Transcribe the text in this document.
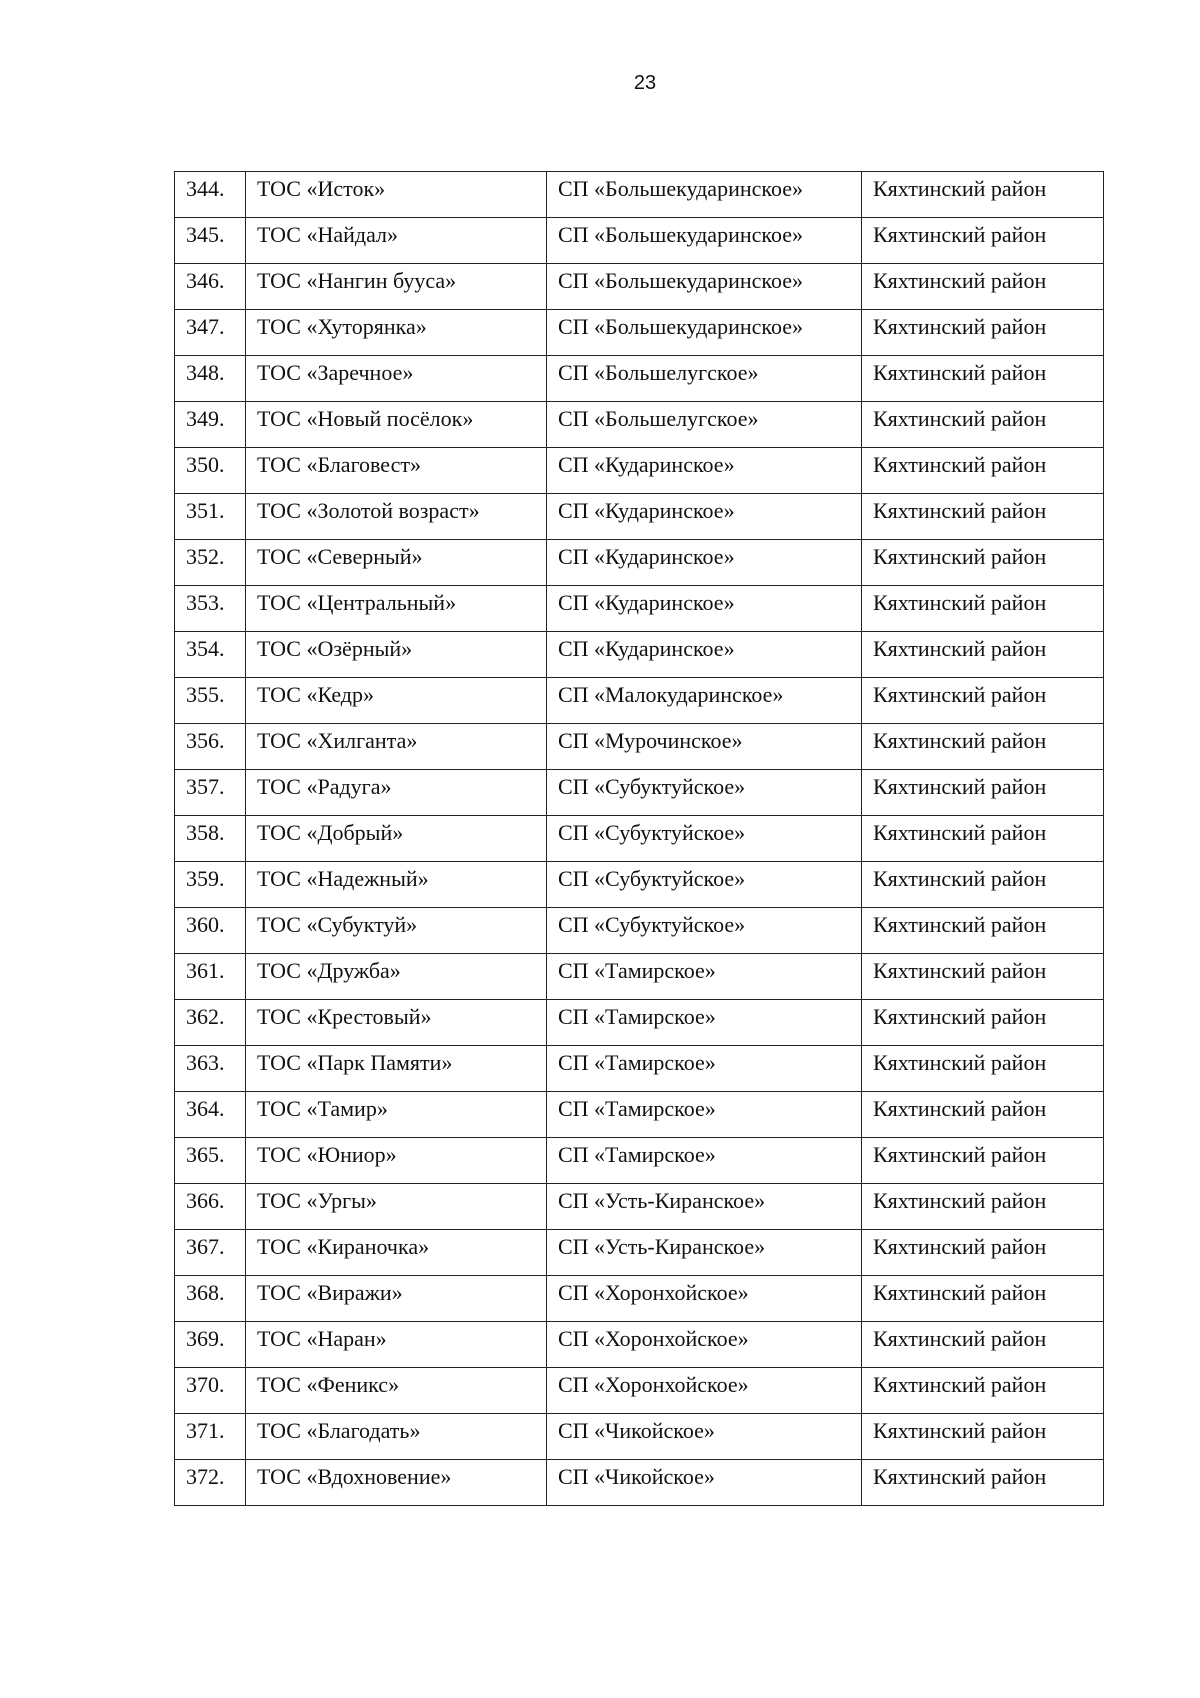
23
344.	ТОС «Исток»	СП «Большекударинское»	Кяхтинский район
345.	ТОС «Найдал»	СП «Большекударинское»	Кяхтинский район
346.	ТОС «Нангин бууса»	СП «Большекударинское»	Кяхтинский район
347.	ТОС «Хуторянка»	СП «Большекударинское»	Кяхтинский район
348.	ТОС «Заречное»	СП «Большелугское»	Кяхтинский район
349.	ТОС «Новый посёлок»	СП «Большелугское»	Кяхтинский район
350.	ТОС «Благовест»	СП «Кударинское»	Кяхтинский район
351.	ТОС «Золотой возраст»	СП «Кударинское»	Кяхтинский район
352.	ТОС «Северный»	СП «Кударинское»	Кяхтинский район
353.	ТОС «Центральный»	СП «Кударинское»	Кяхтинский район
354.	ТОС «Озёрный»	СП «Кударинское»	Кяхтинский район
355.	ТОС «Кедр»	СП «Малокударинское»	Кяхтинский район
356.	ТОС «Хилганта»	СП «Мурочинское»	Кяхтинский район
357.	ТОС «Радуга»	СП «Субуктуйское»	Кяхтинский район
358.	ТОС «Добрый»	СП «Субуктуйское»	Кяхтинский район
359.	ТОС «Надежный»	СП «Субуктуйское»	Кяхтинский район
360.	ТОС «Субуктуй»	СП «Субуктуйское»	Кяхтинский район
361.	ТОС «Дружба»	СП «Тамирское»	Кяхтинский район
362.	ТОС «Крестовый»	СП «Тамирское»	Кяхтинский район
363.	ТОС «Парк Памяти»	СП «Тамирское»	Кяхтинский район
364.	ТОС «Тамир»	СП «Тамирское»	Кяхтинский район
365.	ТОС «Юниор»	СП «Тамирское»	Кяхтинский район
366.	ТОС «Ургы»	СП «Усть-Киранское»	Кяхтинский район
367.	ТОС «Кираночка»	СП «Усть-Киранское»	Кяхтинский район
368.	ТОС «Виражи»	СП «Хоронхойское»	Кяхтинский район
369.	ТОС «Наран»	СП «Хоронхойское»	Кяхтинский район
370.	ТОС «Феникс»	СП «Хоронхойское»	Кяхтинский район
371.	ТОС «Благодать»	СП «Чикойское»	Кяхтинский район
372.	ТОС «Вдохновение»	СП «Чикойское»	Кяхтинский район
